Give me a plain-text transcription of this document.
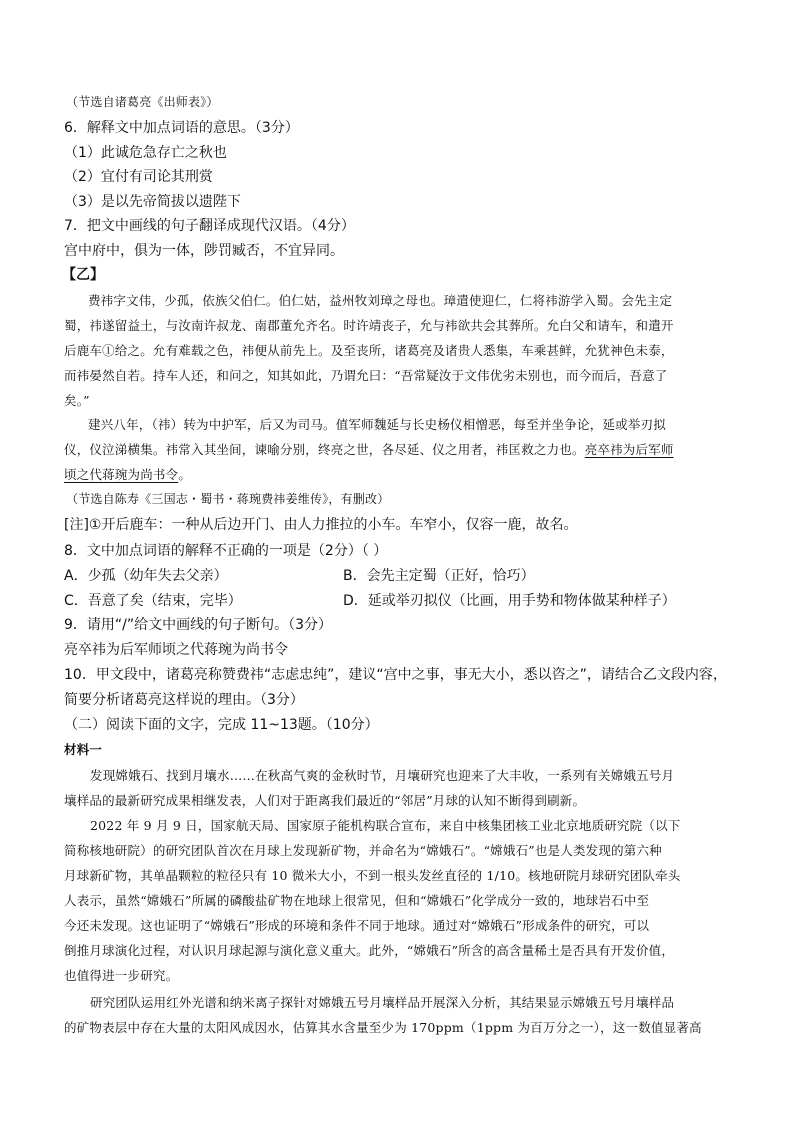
（节选自诸葛亮《出师表》）
6．解释文中加点词语的意思。（3分）
（1）此诚危急存亡之秋也
（2）宜付有司论其刑赏
（3）是以先帝简拔以遗陛下
7．把文中画线的句子翻译成现代汉语。（4分）
宫中府中，俱为一体，陟罚臧否，不宜异同。
【乙】
费祎字文伟，少孤，依族父伯仁。伯仁姑，益州牧刘璋之母也。璋遣使迎仁，仁将祎游学入蜀。会先主定
蜀，祎遂留益土，与汝南许叔龙、南郡董允齐名。时许靖丧子，允与祎欲共会其葬所。允白父和请车，和遣开
后鹿车①给之。允有难载之色，祎便从前先上。及至丧所，诸葛亮及诸贵人悉集，车乘甚鲜，允犹神色未泰，
而祎晏然自若。持车人还，和问之，知其如此，乃谓允曰：“吾常疑汝于文伟优劣未别也，而今而后，吾意了
矣。”
建兴八年，（祎）转为中护军，后又为司马。值军师魏延与长史杨仪相憎恶，每至并坐争论，延或举刃拟
仪，仪泣涕横集。祎常入其坐间，谏喻分别，终亮之世，各尽延、仪之用者，祎匡救之力也。亮卒祎为后军师
顷之代蒋琬为尚书令。
（节选自陈寿《三国志・蜀书・蒋琬费祎姜维传》，有删改）
[注]①开后鹿车：一种从后边开门、由人力推拉的小车。车窄小，仅容一鹿，故名。
8．文中加点词语的解释不正确的一项是（2分）（ ）
A．少孤（幼年失去父亲）	B．会先主定蜀（正好，恰巧）
C．吾意了矣（结束，完毕）	D．延或举刃拟仪（比画，用手势和物体做某种样子）
9．请用“/”给文中画线的句子断句。（3分）
亮卒祎为后军师顷之代蒋琬为尚书令
10．甲文段中，诸葛亮称赞费祎“志虑忠纯”，建议“宫中之事，事无大小，悉以咨之”，请结合乙文段内容，
简要分析诸葛亮这样说的理由。（3分）
（二）阅读下面的文字，完成 11~13题。（10分）
材料一
发现嫦娥石、找到月壤水……在秋高气爽的金秋时节，月壤研究也迎来了大丰收，一系列有关嫦娥五号月
壤样品的最新研究成果相继发表，人们对于距离我们最近的“邻居”月球的认知不断得到刷新。
2022 年 9 月 9 日，国家航天局、国家原子能机构联合宣布，来自中核集团核工业北京地质研究院（以下
简称核地研院）的研究团队首次在月球上发现新矿物，并命名为“嫦娥石”。“嫦娥石”也是人类发现的第六种
月球新矿物，其单晶颗粒的粒径只有 10 微米大小，不到一根头发丝直径的 1/10。核地研院月球研究团队牵头
人表示，虽然“嫦娥石”所属的磷酸盐矿物在地球上很常见，但和“嫦娥石”化学成分一致的，地球岩石中至
今还未发现。这也证明了“嫦娥石”形成的环境和条件不同于地球。通过对“嫦娥石”形成条件的研究，可以
倒推月球演化过程，对认识月球起源与演化意义重大。此外，“嫦娥石”所含的高含量稀土是否具有开发价值，
也值得进一步研究。
研究团队运用红外光谱和纳米离子探针对嫦娥五号月壤样品开展深入分析，其结果显示嫦娥五号月壤样品
的矿物表层中存在大量的太阳风成因水，估算其水含量至少为 170ppm（1ppm 为百万分之一），这一数值显著高
